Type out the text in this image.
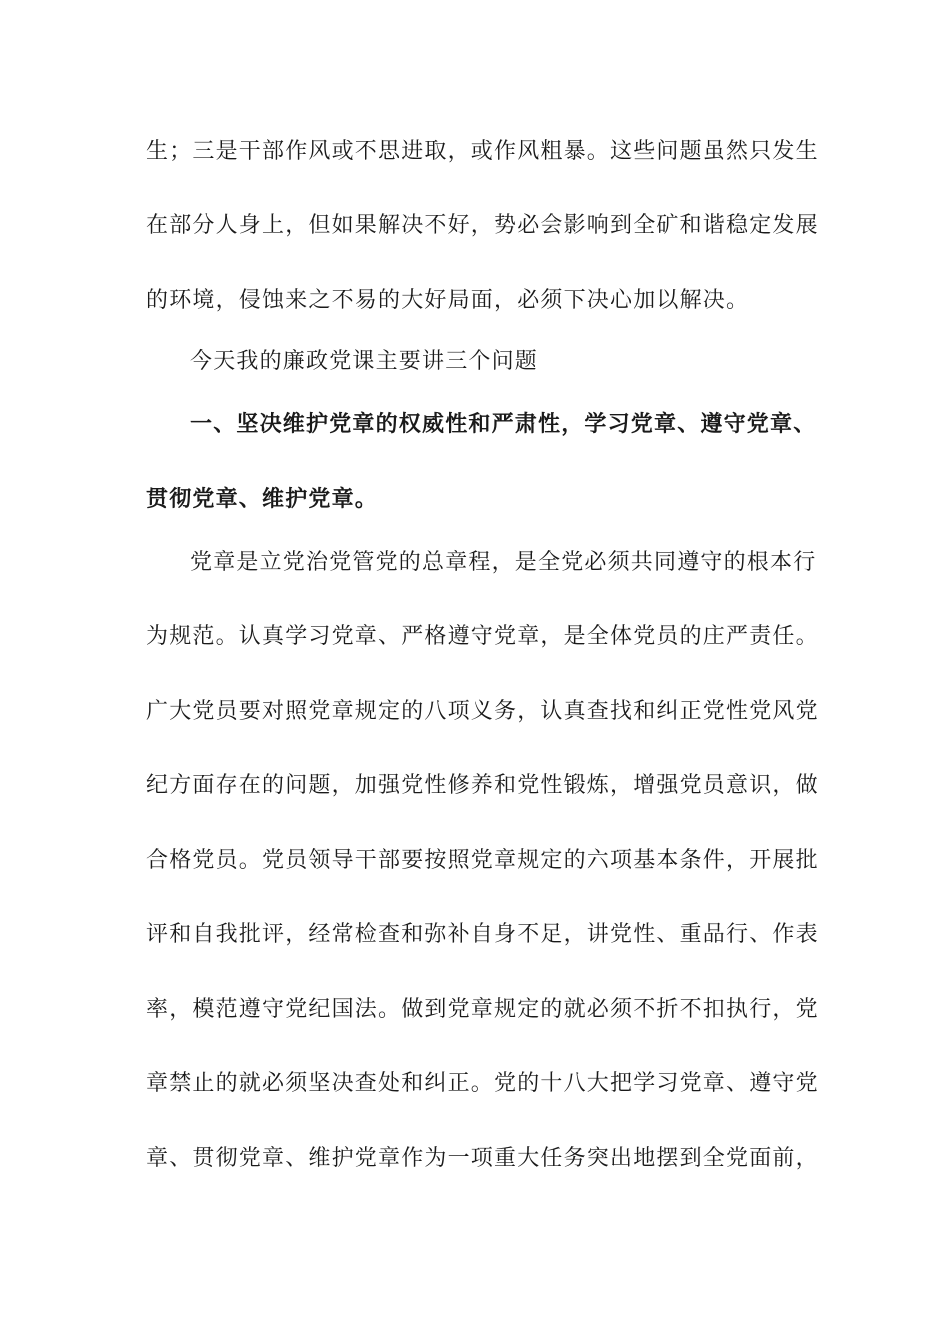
生；三是干部作风或不思进取，或作风粗暴。这些问题虽然只发生
在部分人身上，但如果解决不好，势必会影响到全矿和谐稳定发展
的环境，侵蚀来之不易的大好局面，必须下决心加以解决。
今天我的廉政党课主要讲三个问题
一、坚决维护党章的权威性和严肃性，学习党章、遵守党章、
贯彻党章、维护党章。
党章是立党治党管党的总章程，是全党必须共同遵守的根本行
为规范。认真学习党章、严格遵守党章，是全体党员的庄严责任。
广大党员要对照党章规定的八项义务，认真查找和纠正党性党风党
纪方面存在的问题，加强党性修养和党性锻炼，增强党员意识，做
合格党员。党员领导干部要按照党章规定的六项基本条件，开展批
评和自我批评，经常检查和弥补自身不足，讲党性、重品行、作表
率，模范遵守党纪国法。做到党章规定的就必须不折不扣执行，党
章禁止的就必须坚决查处和纠正。党的十八大把学习党章、遵守党
章、贯彻党章、维护党章作为一项重大任务突出地摆到全党面前，
